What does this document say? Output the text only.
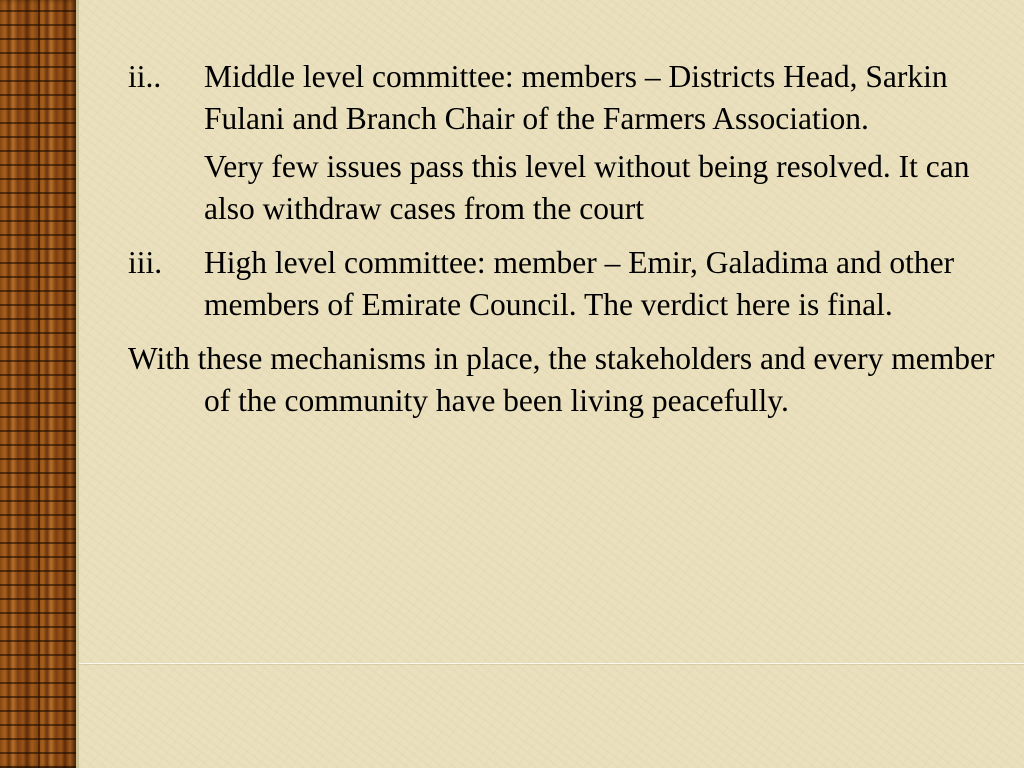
ii..	Middle level committee: members – Districts Head, Sarkin Fulani and Branch Chair of the Farmers Association.

Very few issues pass this level without being resolved. It can also withdraw cases from the court

iii.	High level committee: member – Emir, Galadima and other members of Emirate Council. The verdict here is final.

With these mechanisms in place, the stakeholders and every member of the community have been living peacefully.
